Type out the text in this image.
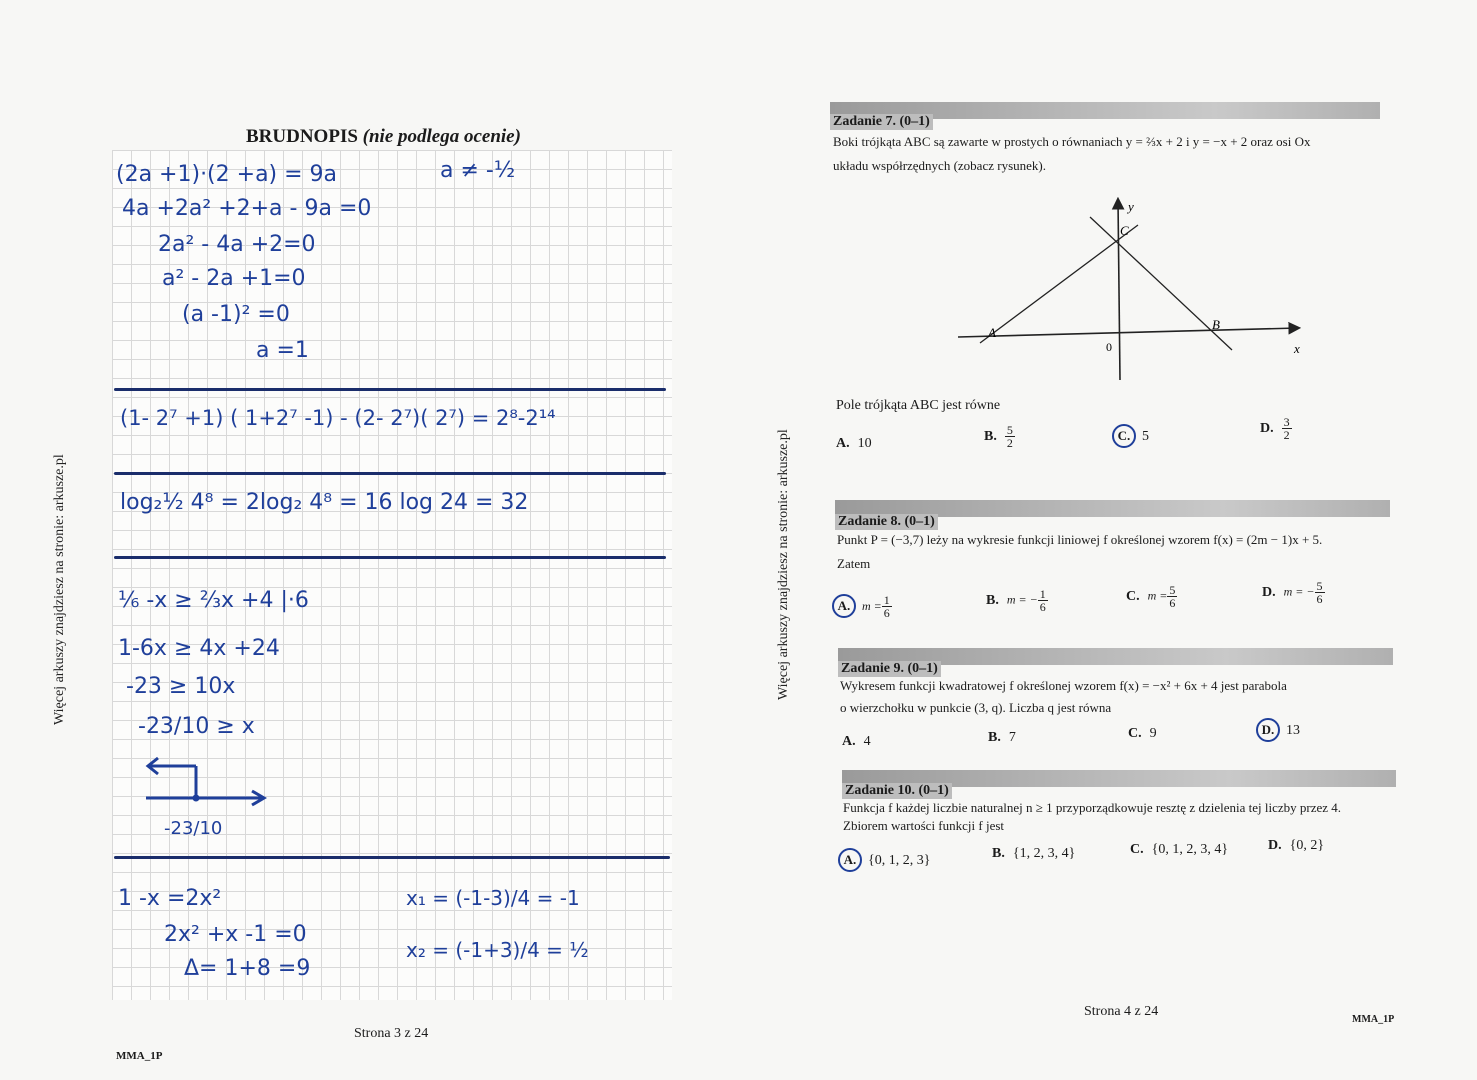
Więcej arkuszy znajdziesz na stronie: arkusze.pl	Więcej arkuszy znajdziesz na stronie: arkusze.pl
BRUDNOPIS (nie podlega ocenie)
(2a +1)·(2 +a) = 9a	a ≠ -½
4a +2a² +2+a - 9a =0
2a² - 4a +2=0
a² - 2a +1=0
(a -1)² =0
a =1
(1- 2⁷ +1) ( 1+2⁷ -1) - (2- 2⁷)( 2⁷) = 2⁸-2¹⁴
log₂½ 4⁸ = 2log₂ 4⁸ = 16 log 24 = 32
⅙ -x ≥ ⅔x +4 |·6
1-6x ≥ 4x +24
-23 ≥ 10x
-23/10 ≥ x
-23/10
1 -x =2x²
2x² +x -1 =0
Δ= 1+8 =9
x₁ = (-1-3)/4 = -1
x₂ = (-1+3)/4 = ½
Strona 3 z 24
MMA_1P
Zadanie 7. (0–1)
Boki trójkąta ABC są zawarte w prostych o równaniach y = ⅔x + 2 i y = −x + 2 oraz osi Ox
układu współrzędnych (zobacz rysunek).
A
B
C
y
x
0
Pole trójkąta ABC jest równe
A. 10	B. $\frac{5}{2}$	C. 5
D. $\frac{3}{2}$
Zadanie 8. (0–1)
Punkt P = (−3,7) leży na wykresie funkcji liniowej f określonej wzorem f(x) = (2m − 1)x + 5.
Zatem
A. $m = \frac{1}{6}$	B. m = − $\frac{1}{6}$	C. $m = \frac{5}{6}$	D. m = − $\frac{5}{6}$
Zadanie 9. (0–1)
Wykresem funkcji kwadratowej f określonej wzorem f(x) = −x² + 6x + 4 jest parabola
o wierzchołku w punkcie (3, q). Liczba q jest równa
A. 4	B. 7	C. 9	D. 13
Zadanie 10. (0–1)
Funkcja f każdej liczbie naturalnej n ≥ 1 przyporządkowuje resztę z dzielenia tej liczby przez 4.
Zbiorem wartości funkcji f jest
A. {0, 1, 2, 3}	B. {1, 2, 3, 4}	C. {0, 1, 2, 3, 4}	D. {0, 2}
Strona 4 z 24
MMA_1P
